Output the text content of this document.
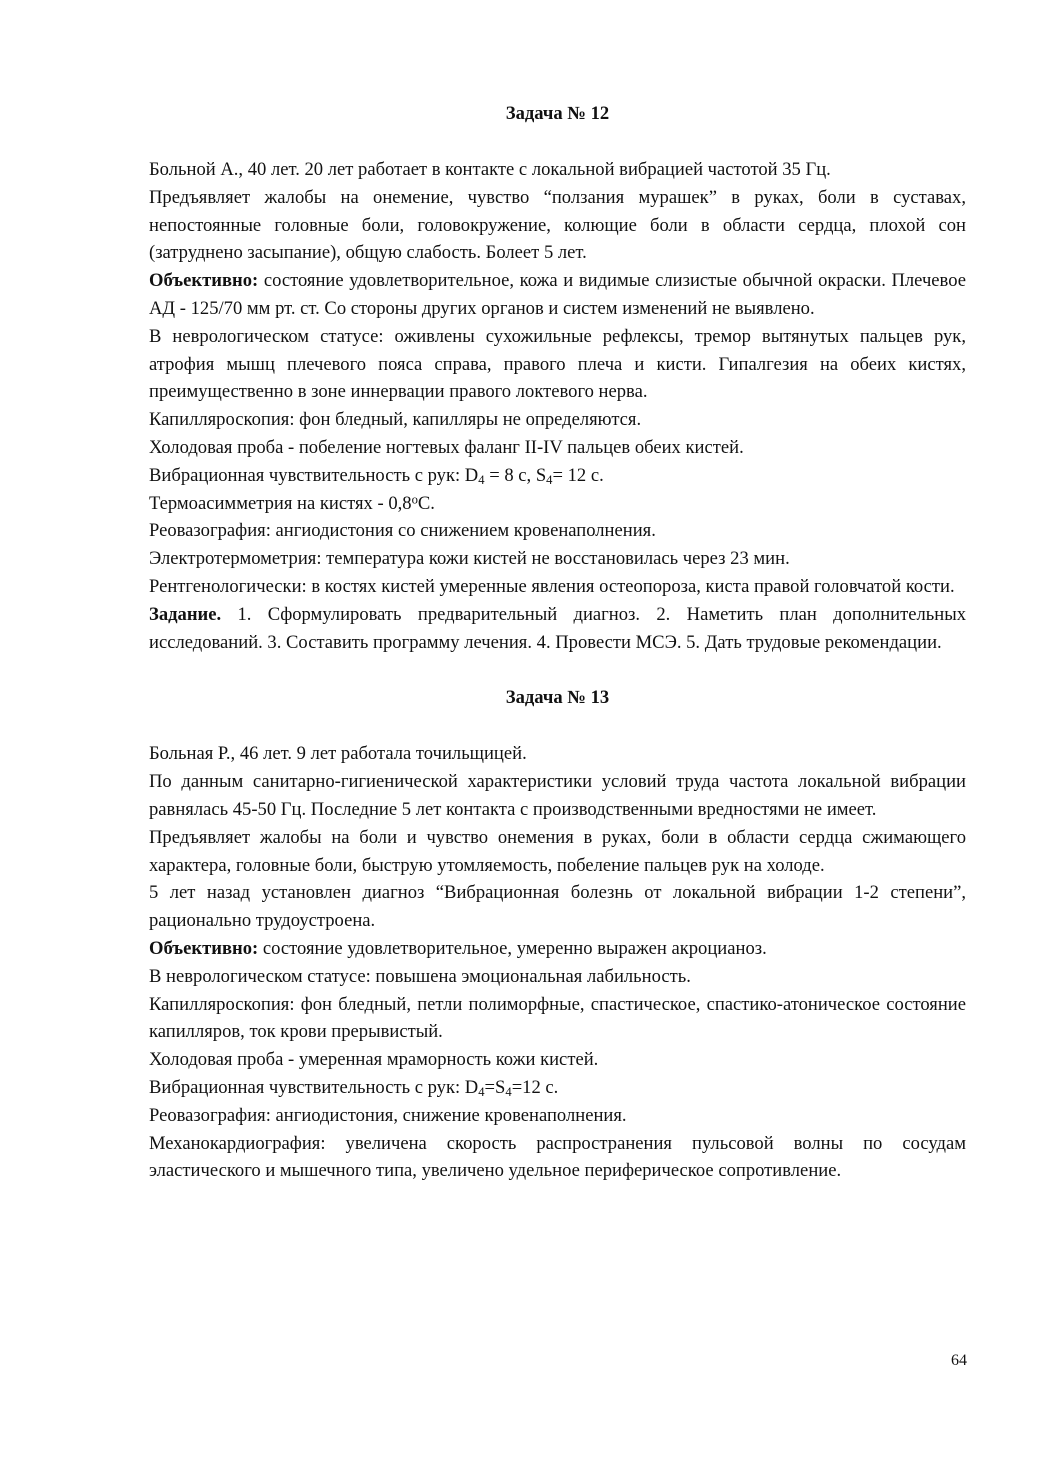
Задача № 12

Больной А., 40 лет. 20 лет работает в контакте с локальной вибрацией частотой 35 Гц.

Предъявляет жалобы на онемение, чувство “ползания мурашек” в руках, боли в суставах, непостоянные головные боли, головокружение, колющие боли в области сердца, плохой сон (затруднено засыпание), общую слабость. Болеет 5 лет.

Объективно: состояние удовлетворительное, кожа и видимые слизистые обычной окраски. Плечевое АД - 125/70 мм рт. ст. Со стороны других органов и систем изменений не выявлено.

В неврологическом статусе: оживлены сухожильные рефлексы, тремор вытянутых пальцев рук, атрофия мышц плечевого пояса справа, правого плеча и кисти. Гипалгезия на обеих кистях, преимущественно в зоне иннервации правого локтевого нерва.

Капилляроскопия: фон бледный, капилляры не определяются.

Холодовая проба - побеление ногтевых фаланг II-IV пальцев обеих кистей.

Вибрационная чувствительность с рук: $D_4 = 8$ с, $S_4= 12$ с.

Термоасимметрия на кистях - $0,8^оС$.

Реовазография: ангиодистония со снижением кровенаполнения.

Электротермометрия: температура кожи кистей не восстановилась через 23 мин.

Рентгенологически: в костях кистей умеренные явления остеопороза, киста правой головчатой кости.

Задание. 1. Сформулировать предварительный диагноз. 2. Наметить план дополнительных исследований. 3. Составить программу лечения. 4. Провести МСЭ. 5. Дать трудовые рекомендации.

Задача № 13

Больная Р., 46 лет. 9 лет работала точильщицей.

По данным санитарно-гигиенической характеристики условий труда частота локальной вибрации равнялась 45-50 Гц. Последние 5 лет контакта с производственными вредностями не имеет.

Предъявляет жалобы на боли и чувство онемения в руках, боли в области сердца сжимающего характера, головные боли, быструю утомляемость, побеление пальцев рук на холоде.

5 лет назад установлен диагноз “Вибрационная болезнь от локальной вибрации 1-2 степени”, рационально трудоустроена.

Объективно: состояние удовлетворительное, умеренно выражен акроцианоз.

В неврологическом статусе: повышена эмоциональная лабильность.

Капилляроскопия: фон бледный, петли полиморфные, спастическое, спастико-атоническое состояние капилляров, ток крови прерывистый.

Холодовая проба - умеренная мраморность кожи кистей.

Вибрационная чувствительность с рук: $D_4=S_4=12$ с.

Реовазография: ангиодистония, снижение кровенаполнения.

Механокардиография: увеличена скорость распространения пульсовой волны по сосудам эластического и мышечного типа, увеличено удельное периферическое сопротивление.

64
